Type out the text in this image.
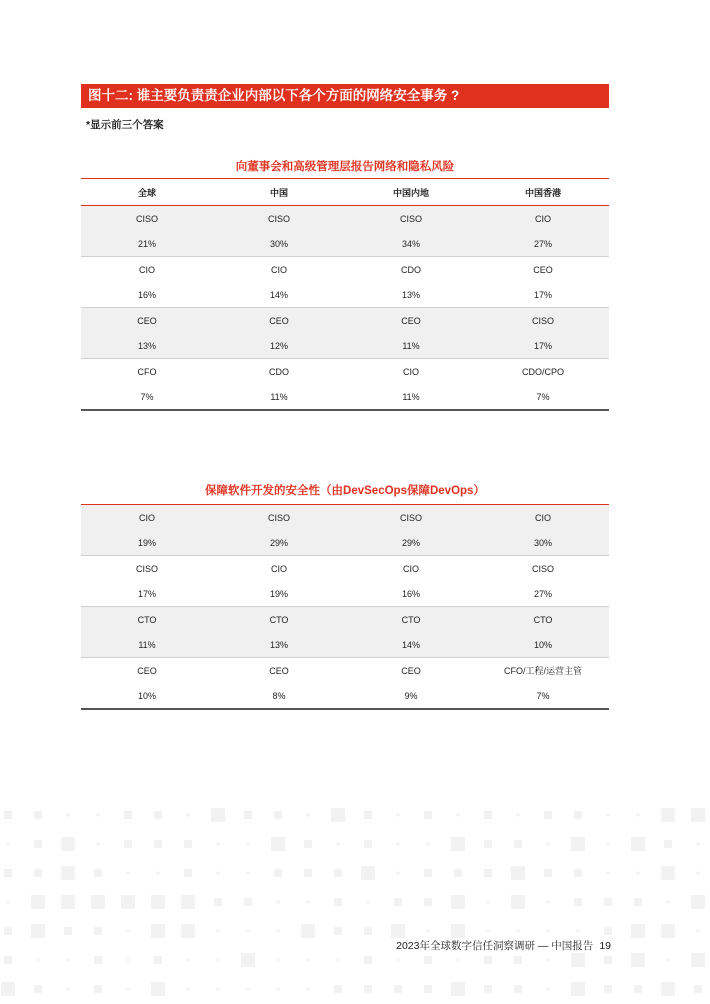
图十二: 谁主要负责责企业内部以下各个方面的网络安全事务 ?
*显示前三个答案
向董事会和高级管理层报告网络和隐私风险
全球	中国	中国内地	中国香港
CISO	CISO	CISO	CIO
21%	30%	34%	27%
CIO	CIO	CDO	CEO
16%	14%	13%	17%
CEO	CEO	CEO	CISO
13%	12%	11%	17%
CFO	CDO	CIO	CDO/CPO
7%	11%	11%	7%
保障软件开发的安全性（由DevSecOps保障DevOps）
CIO	CISO	CISO	CIO
19%	29%	29%	30%
CISO	CIO	CIO	CISO
17%	19%	16%	27%
CTO	CTO	CTO	CTO
11%	13%	14%	10%
CEO	CEO	CEO	CFO/工程/运营主管
10%	8%	9%	7%
2023年全球数字信任洞察调研 — 中国报告 19
